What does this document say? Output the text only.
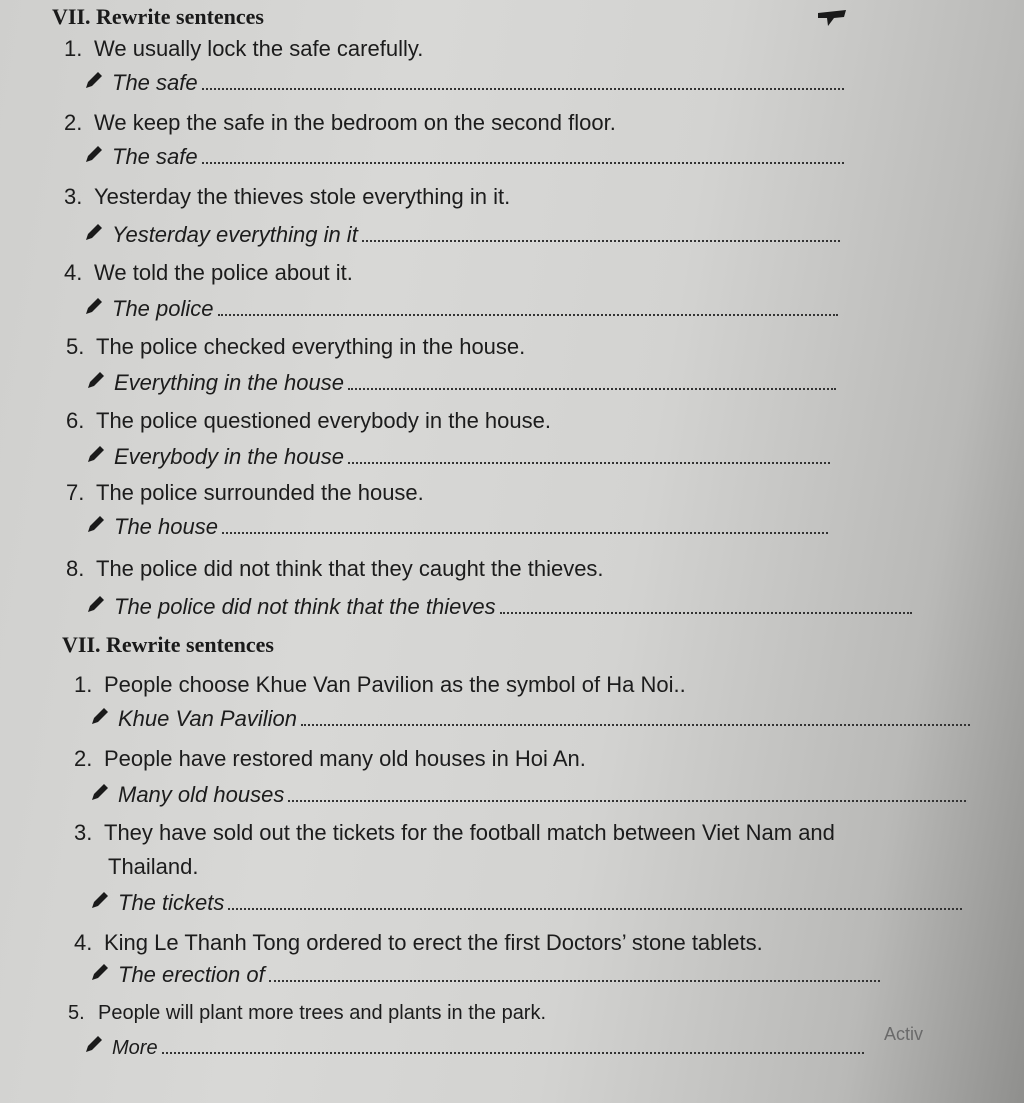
VII. Rewrite sentences
1. We usually lock the safe carefully.
The safe
2. We keep the safe in the bedroom on the second floor.
The safe
3. Yesterday the thieves stole everything in it.
Yesterday everything in it
4. We told the police about it.
The police
5. The police checked everything in the house.
Everything in the house
6. The police questioned everybody in the house.
Everybody in the house
7. The police surrounded the house.
The house
8. The police did not think that they caught the thieves.
The police did not think that the thieves
VII. Rewrite sentences
1. People choose Khue Van Pavilion as the symbol of Ha Noi..
Khue Van Pavilion
2. People have restored many old houses in Hoi An.
Many old houses
3. They have sold out the tickets for the football match between Viet Nam and
Thailand.
The tickets
4. King Le Thanh Tong ordered to erect the first Doctors’ stone tablets.
The erection of
5. People will plant more trees and plants in the park.
More
Activ
